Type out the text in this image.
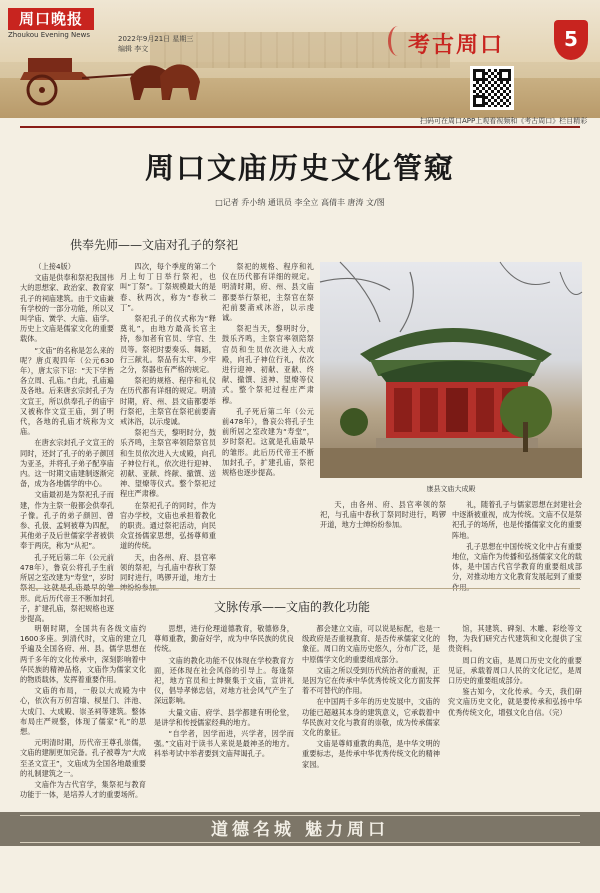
周口晚报
Zhoukou Evening News	2022年9月21日 星期三
编辑 李文	考古周口	5
扫码可在周口APP上观看视频和《考古周口》栏目精彩
周口文庙历史文化管窥
□记者 乔小纳 通讯员 李全立 高倩丰 唐涛 文/图
供奉先师——文庙对孔子的祭祀

（上接4版）

文庙是供奉和祭祀我国伟大的思想家、政治家、教育家孔子的祠庙建筑。由于文庙兼有学校的一部分功能，所以又叫学庙、黉学、大庙、庙学。历史上文庙是儒家文化的重要载体。

“文庙”的名称是怎么来的呢？唐贞观四年（公元630年），唐太宗下诏：“天下学皆各立周、孔庙。”自此，孔庙遍及各地。后来唐玄宗封孔子为文宣王，所以供奉孔子的庙宇又被称作文宣王庙，到了明代，各地的孔庙才统称为文庙。

在唐玄宗封孔子文宣王的同时，还封了孔子的弟子颜回为亚圣，并将孔子弟子配享庙内。这一时期文庙建制逐渐完备，成为各地儒学的中心。

文庙最初是为祭祀孔子而建，作为主祭一般都会供奉孔子像。孔子的弟子颜回、曾参、孔伋、孟轲被尊为四配，其他弟子及后世儒家学者被供奉于两庑，称为“从祀”。

孔子死后第二年（公元前478年），鲁哀公将孔子生前所居之室改建为“寿堂”，岁时 形。此后历代帝王不断加封孔子，扩建孔庙，祭祀规格也逐步提高。

四次，每个季度的第二个月上旬丁日举行祭祀，也叫“丁祭”。丁祭规模最大的是春、秋两次，称为“春秋二丁”。

祭祀孔子的仪式称为“释奠礼”，由地方最高长官主持，参加者有官员、学官、生员等。祭祀时要奏乐、舞蹈，行三献礼。祭品有太牢、少牢之分，祭器也有严格的规定。

祭祀的规格、程序和礼仪在历代都有详细的规定。明清时期，府、州、县文庙都要举行祭祀，主祭官在祭祀前要斋戒沐浴，以示虔诚。

祭祀当天，黎明时分，鼓乐齐鸣，主祭官率领陪祭官员和生员依次进入大成殿，向孔子神位行礼，依次进行迎神、初献、亚献、终献、撤馔、送神、望燎等仪式。整个祭祀过程庄严肃穆。

在祭祀孔子的同时，作为官办学校，文庙也承担着教化的职责。通过祭祀活动，向民众宣扬儒家思想，弘扬尊师重道的传统。

天，由各州、府、县官率领的祭祀，与孔庙中春秋丁祭同时进行，鸣锣开道，地方士

祭祀的规格、程序和礼仪在历代都有详细的规定。明清时期，府、州、县文庙都要举行祭祀，主祭官在祭祀前要斋戒沐浴，以示虔诚。

祭祀当天，黎明时分，鼓乐齐鸣，主祭官率领陪祭官员和生员依次进入大成殿，向孔子神位行礼，依次进行迎神、初献、亚献、终献、撤馔、送神、望燎等仪式。整个祭祀过程庄严肃穆。

孔子死后第二年（公元前478年），鲁哀公将孔子生前所居之室改建为“寿堂”，岁时祭祀。这就是孔庙最早的雏形。此后历代帝王不断加封孔子，扩建孔庙，祭祀规格也逐步提高。

康县文庙大成殿

天，由各州、府、县官率领的祭祀，与孔庙中春秋丁祭同时进行，鸣锣开道，地方士绅纷纷参加。

礼，随着孔子与儒家思想在封建社会中逐渐被重视，成为传统。文庙不仅是祭祀孔子的场所，也是传播儒家文化的重要阵地。

孔子思想在中国传统文化中占有重要地位，文庙作为传播和弘扬儒家文化的载体，是中国古代官学教育的重要组成部分，对推动地方文化教育发展起到了重要

文脉传承——文庙的教化功能

明朝时期，全国共有各级文庙约1600多座。到清代时，文庙的建立几乎遍及全国各府、州、县。儒学思想在两千多年的文化传承中，深刻影响着中华民族的精神品格，文庙作为儒家文化的物质载体，发挥着重要作用。

文庙的布局，一般以大成殿为中心，依次有万仞宫墙、棂星门、泮池、大成门、大成殿、崇圣祠等建筑。整体布局庄严规整，体现了儒家“礼”的思想。

元明清时期，历代帝王尊孔崇儒，文庙的建制更加完备。孔子被尊为“大成至圣文宣王”，文庙成为全国各地最重要的礼制建筑之一。

文庙作为古代官学，集祭祀与教育功能于一体，是培养人才的重要场所。

思想，进行伦理道德教育，敬德修身，尊师重教，勤奋好学，成为中华民族的优良传统。

文庙的教化功能不仅体现在学校教育方面，还体现在社会风俗的引导上。每逢祭祀，地方官员和士绅聚集于文庙，宣讲礼仪，倡导孝悌忠信，对地方社会风气产生了深远影响。

大量文庙、府学、县学都建有明伦堂，是讲学和传授儒家经典的地方。

“自学者，因学而进，兴学者，因学而强。”文庙对于读书人来说是最神圣的地方。科举考试中举者要到文庙拜谒孔子。

都会建立文庙，可以说是标配，也是一级政府是否重视教育、是否传承儒家文化的象征。周口的文庙历史悠久，分布广泛，是中原儒学文化的重要组成部分。

文庙之所以受到历代统治者的重视，正是因为它在传承中华优秀传统文化方面发挥着不可替代的作用。

在中国两千多年的历史发展中，文庙的功能已超越其本身的建筑意义，它承载着中华民族对文化与教育的崇敬，成为传承儒家文化的象征。

文庙是尊师重教的典范，是中华文明的重要标志，是传承中华优秀传统文化的精神家园。

馆，其建筑、碑刻、木雕、彩绘等文物，为我们研究古代建筑和文化提供了宝贵资料。

周口的文庙，是周口历史文化的重要见证，承载着周口人民的文化记忆，是周口历史的重要组成部分。

鉴古知今，文化传承。今天，我们研究文庙历史文化，就是要传承和弘扬中华优秀传统文化，增强文化自信。（完）

道德名城 魅力周口
